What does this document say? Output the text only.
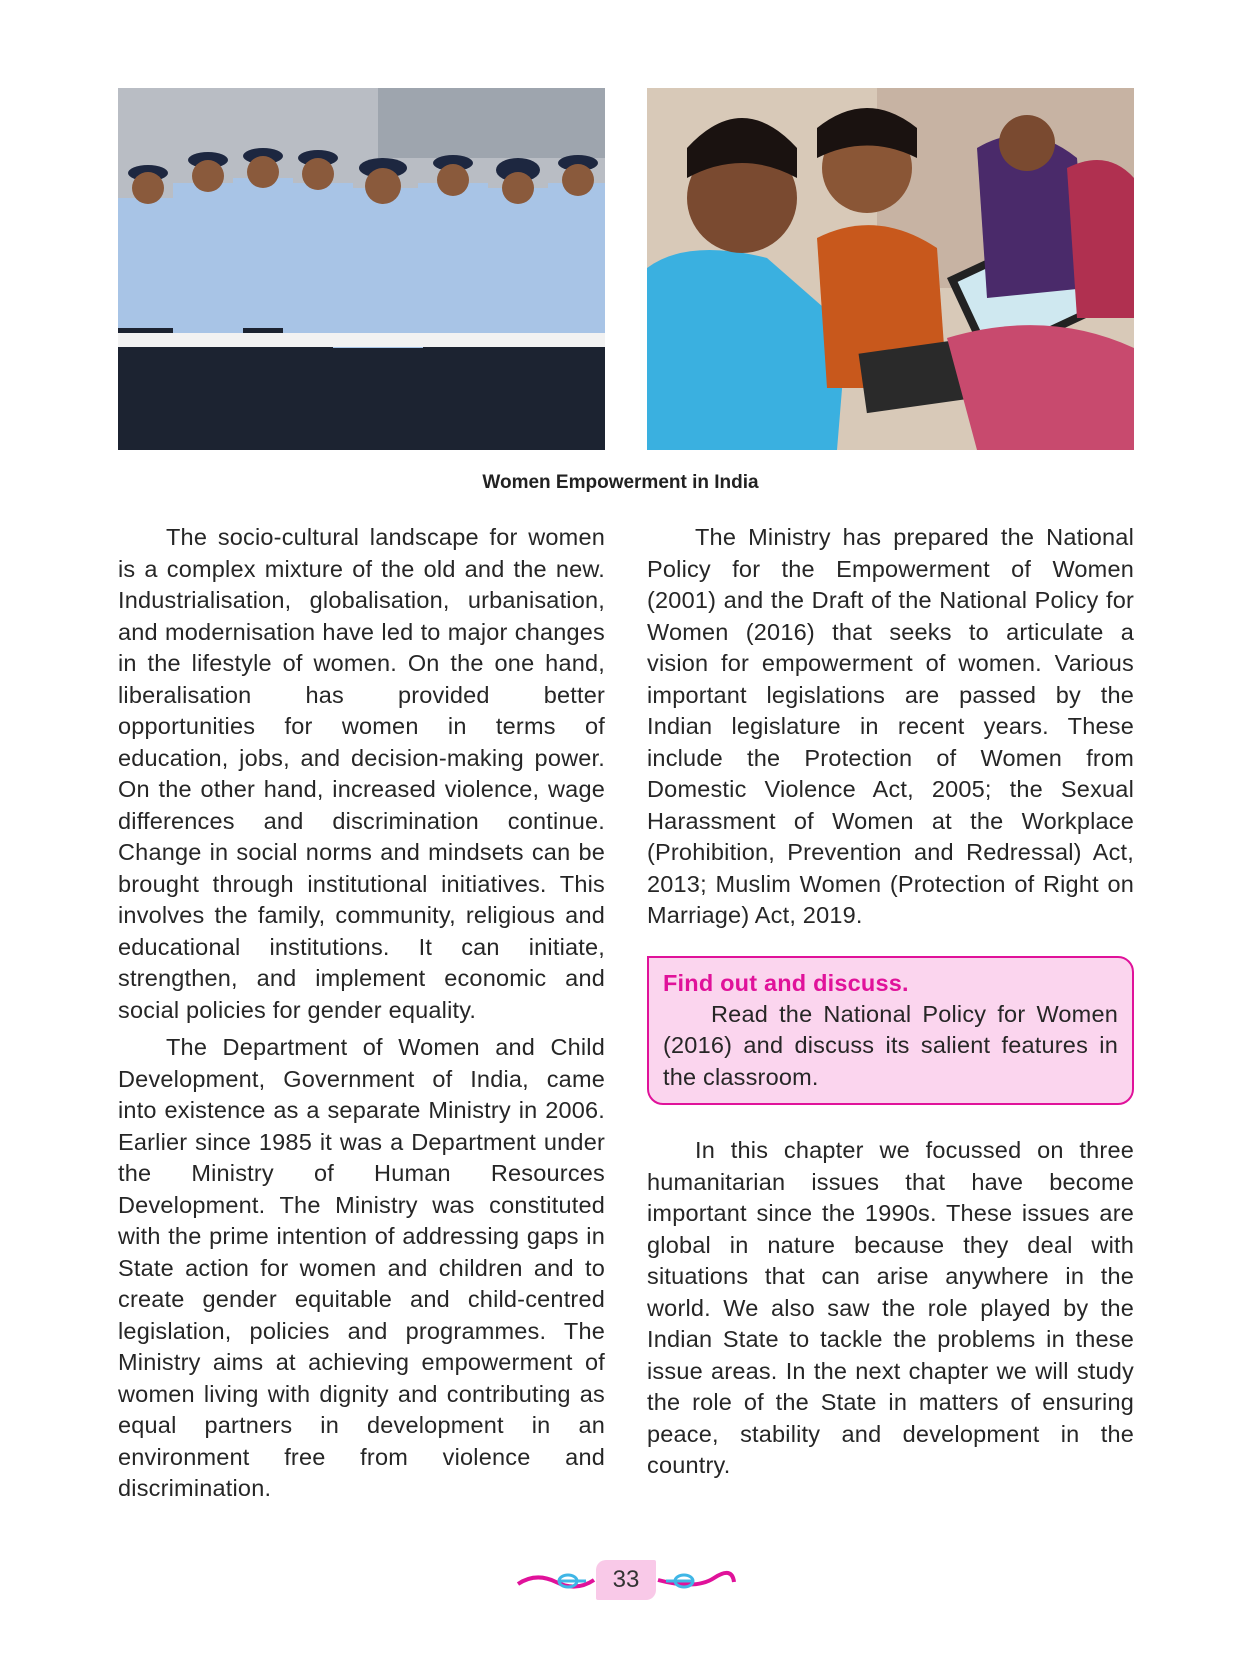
Women Empowerment in India

The socio-cultural landscape for women is a complex mixture of the old and the new. Industrialisation, globalisation, urbanisation, and modernisation have led to major changes in the lifestyle of women. On the one hand, liberalisation has provided better opportunities for women in terms of education, jobs, and decision-making power. On the other hand, increased violence, wage differences and discrimination continue. Change in social norms and mindsets can be brought through institutional initiatives. This involves the family, community, religious and educational institutions. It can initiate, strengthen, and implement economic and social policies for gender equality.

The Department of Women and Child Development, Government of India, came into existence as a separate Ministry in 2006. Earlier since 1985 it was a Department under the Ministry of Human Resources Development. The Ministry was constituted with the prime intention of addressing gaps in State action for women and children and to create gender equitable and child-centred legislation, policies and programmes. The Ministry aims at achieving empowerment of women living with dignity and contributing as equal partners in development in an environment free from violence and discrimination.

The Ministry has prepared the National Policy for the Empowerment of Women (2001) and the Draft of the National Policy for Women (2016) that seeks to articulate a vision for empowerment of women. Various important legislations are passed by the Indian legislature in recent years. These include the Protection of Women from Domestic Violence Act, 2005; the Sexual Harassment of Women at the Workplace (Prohibition, Prevention and Redressal) Act, 2013; Muslim Women (Protection of Right on Marriage) Act, 2019.

Find out and discuss.

Read the National Policy for Women (2016) and discuss its salient features in the classroom.

In this chapter we focussed on three humanitarian issues that have become important since the 1990s. These issues are global in nature because they deal with situations that can arise anywhere in the world. We also saw the role played by the Indian State to tackle the problems in these issue areas. In the next chapter we will study the role of the State in matters of ensuring peace, stability and development in the country.

33
